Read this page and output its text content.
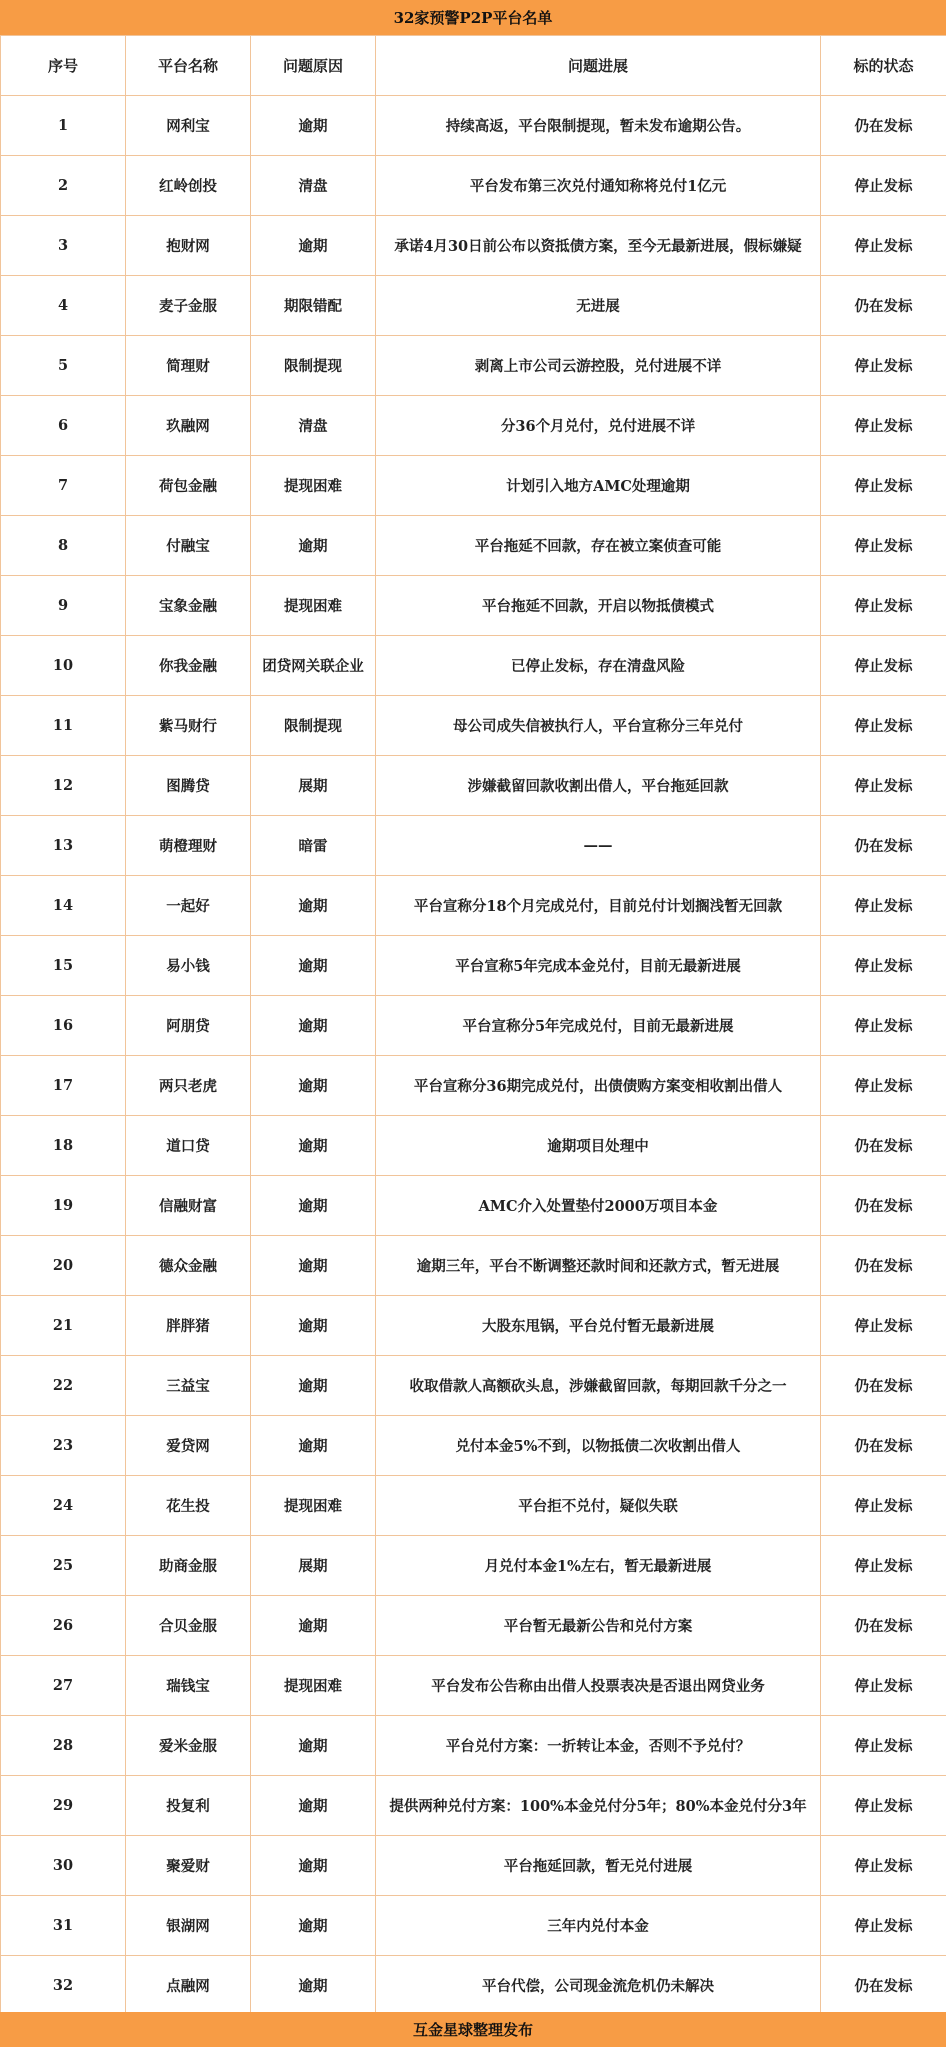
32家预警P2P平台名单
序号	平台名称	问题原因	问题进展	标的状态
1	网利宝	逾期	持续高返，平台限制提现，暂未发布逾期公告。	仍在发标
2	红岭创投	清盘	平台发布第三次兑付通知称将兑付1亿元	停止发标
3	抱财网	逾期	承诺4月30日前公布以资抵债方案，至今无最新进展，假标嫌疑	停止发标
4	麦子金服	期限错配	无进展	仍在发标
5	简理财	限制提现	剥离上市公司云游控股，兑付进展不详	停止发标
6	玖融网	清盘	分36个月兑付，兑付进展不详	停止发标
7	荷包金融	提现困难	计划引入地方AMC处理逾期	停止发标
8	付融宝	逾期	平台拖延不回款，存在被立案侦查可能	停止发标
9	宝象金融	提现困难	平台拖延不回款，开启以物抵债模式	停止发标
10	你我金融	团贷网关联企业	已停止发标，存在清盘风险	停止发标
11	紫马财行	限制提现	母公司成失信被执行人，平台宣称分三年兑付	停止发标
12	图腾贷	展期	涉嫌截留回款收割出借人，平台拖延回款	停止发标
13	萌橙理财	暗雷	——	仍在发标
14	一起好	逾期	平台宣称分18个月完成兑付，目前兑付计划搁浅暂无回款	停止发标
15	易小钱	逾期	平台宣称5年完成本金兑付，目前无最新进展	停止发标
16	阿朋贷	逾期	平台宣称分5年完成兑付，目前无最新进展	停止发标
17	两只老虎	逾期	平台宣称分36期完成兑付，出债债购方案变相收割出借人	停止发标
18	道口贷	逾期	逾期项目处理中	仍在发标
19	信融财富	逾期	AMC介入处置垫付2000万项目本金	仍在发标
20	德众金融	逾期	逾期三年，平台不断调整还款时间和还款方式，暂无进展	仍在发标
21	胖胖猪	逾期	大股东甩锅，平台兑付暂无最新进展	停止发标
22	三益宝	逾期	收取借款人高额砍头息，涉嫌截留回款，每期回款千分之一	仍在发标
23	爱贷网	逾期	兑付本金5%不到，以物抵债二次收割出借人	仍在发标
24	花生投	提现困难	平台拒不兑付，疑似失联	停止发标
25	助商金服	展期	月兑付本金1%左右，暂无最新进展	停止发标
26	合贝金服	逾期	平台暂无最新公告和兑付方案	仍在发标
27	瑞钱宝	提现困难	平台发布公告称由出借人投票表决是否退出网贷业务	停止发标
28	爱米金服	逾期	平台兑付方案：一折转让本金，否则不予兑付？	停止发标
29	投复利	逾期	提供两种兑付方案：100%本金兑付分5年；80%本金兑付分3年	停止发标
30	聚爱财	逾期	平台拖延回款，暂无兑付进展	停止发标
31	银湖网	逾期	三年内兑付本金	停止发标
32	点融网	逾期	平台代偿，公司现金流危机仍未解决	仍在发标
互金星球整理发布
